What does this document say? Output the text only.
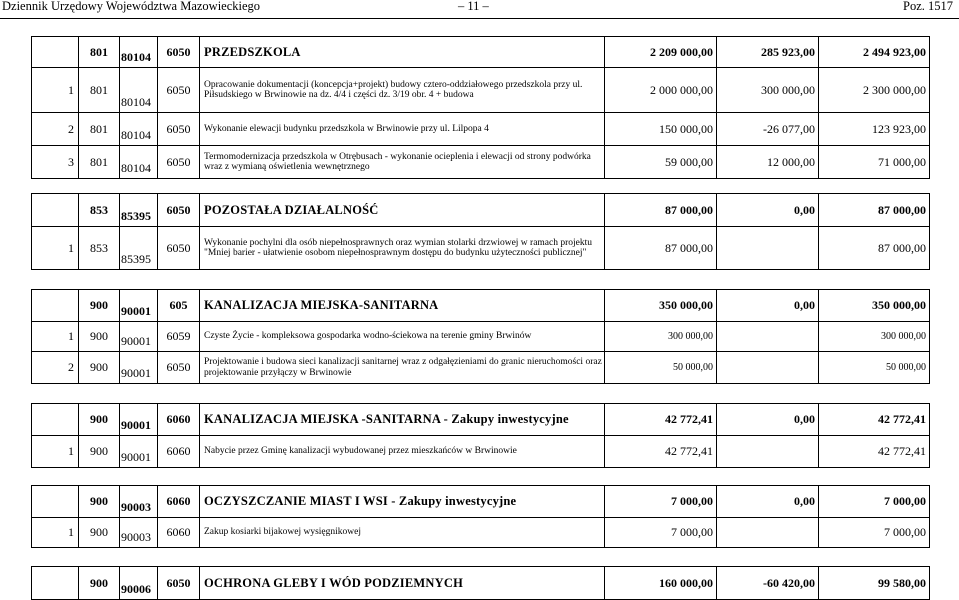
Dziennik Urzędowy Województwa Mazowieckiego	– 11 –	Poz. 1517
	801	80104	6050	PRZEDSZKOLA	2 209 000,00	285 923,00	2 494 923,00
1	801	80104	6050	Opracowanie dokumentacji (koncepcja+projekt) budowy cztero-oddziałowego przedszkola przy ul. Piłsudskiego w Brwinowie na dz. 4/4 i części dz. 3/19 obr. 4 + budowa	2 000 000,00	300 000,00	2 300 000,00
2	801	80104	6050	Wykonanie elewacji budynku przedszkola w Brwinowie przy ul. Lilpopa 4	150 000,00	-26 077,00	123 923,00
3	801	80104	6050	Termomodernizacja przedszkola w Otrębusach - wykonanie ocieplenia i elewacji od strony podwórka wraz z wymianą oświetlenia wewnętrznego	59 000,00	12 000,00	71 000,00
	853	85395	6050	POZOSTAŁA DZIAŁALNOŚĆ	87 000,00	0,00	87 000,00
1	853	85395	6050	Wykonanie pochylni dla osób niepełnosprawnych oraz wymian stolarki drzwiowej w ramach projektu "Mniej barier - ułatwienie osobom niepełnosprawnym dostępu do budynku użyteczności publicznej"	87 000,00		87 000,00
	900	90001	605	KANALIZACJA MIEJSKA-SANITARNA	350 000,00	0,00	350 000,00
1	900	90001	6059	Czyste Życie - kompleksowa gospodarka wodno-ściekowa na terenie gminy Brwinów	300 000,00		300 000,00
2	900	90001	6050	Projektowanie i budowa sieci kanalizacji sanitarnej wraz z odgałęzieniami do granic nieruchomości oraz projektowanie przyłączy w Brwinowie	50 000,00		50 000,00
	900	90001	6060	KANALIZACJA MIEJSKA -SANITARNA - Zakupy inwestycyjne	42 772,41	0,00	42 772,41
1	900	90001	6060	Nabycie przez Gminę kanalizacji wybudowanej przez mieszkańców w Brwinowie	42 772,41		42 772,41
	900	90003	6060	OCZYSZCZANIE MIAST I WSI - Zakupy inwestycyjne	7 000,00	0,00	7 000,00
1	900	90003	6060	Zakup kosiarki bijakowej wysięgnikowej	7 000,00		7 000,00
	900	90006	6050	OCHRONA GLEBY I WÓD PODZIEMNYCH	160 000,00	-60 420,00	99 580,00
